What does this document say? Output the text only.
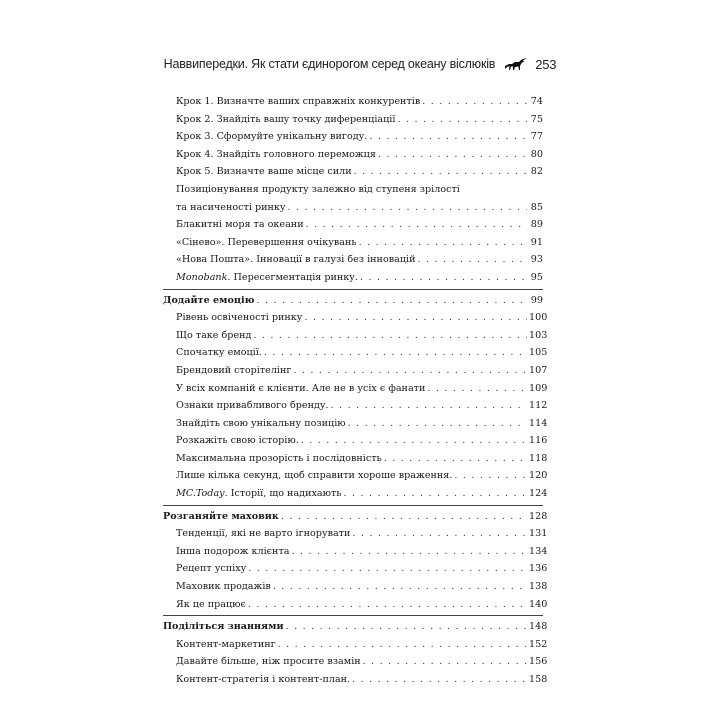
Наввипередки. Як стати єдинорогом серед океану віслюків	253
Крок 1. Визначте ваших справжніх конкурентів . . .	74
Крок 2. Знайдіть вашу точку диференціації . . .	75
Крок 3. Сформуйте унікальну вигоду. . . .	77
Крок 4. Знайдіть головного переможця . . .	80
Крок 5. Визначте ваше місце сили . . .	82
Позиціонування продукту залежно від ступеня зрілості
та насиченості ринку . . .	85
Блакитні моря та океани . . .	89
«Сінево». Перевершення очікувань . . .	91
«Нова Пошта». Інновації в галузі без інновацій . . .	93
Monobank. Пересегментація ринку. . . .	95
Додайте емоцію . . .	99
Рівень освіченості ринку . . .	100
Що таке бренд . . .	103
Спочатку емоції. . . .	105
Брендовий сторітелінг . . .	107
У всіх компаній є клієнти. Але не в усіх є фанати . . .	109
Ознаки привабливого бренду. . . .	112
Знайдіть свою унікальну позицію . . .	114
Розкажіть свою історію. . . .	116
Максимальна прозорість і послідовність . . .	118
Лише кілька секунд, щоб справити хороше враження. . . .	120
MC.Today. Історії, що надихають . . .	124
Розганяйте маховик . . .	128
Тенденції, які не варто ігнорувати . . .	131
Інша подорож клієнта . . .	134
Рецепт успіху . . .	136
Маховик продажів . . .	138
Як це працює . . .	140
Поділіться знаннями . . .	148
Контент-маркетинг . . .	152
Давайте більше, ніж просите взамін . . .	156
Контент-стратегія і контент-план. . . .	158
